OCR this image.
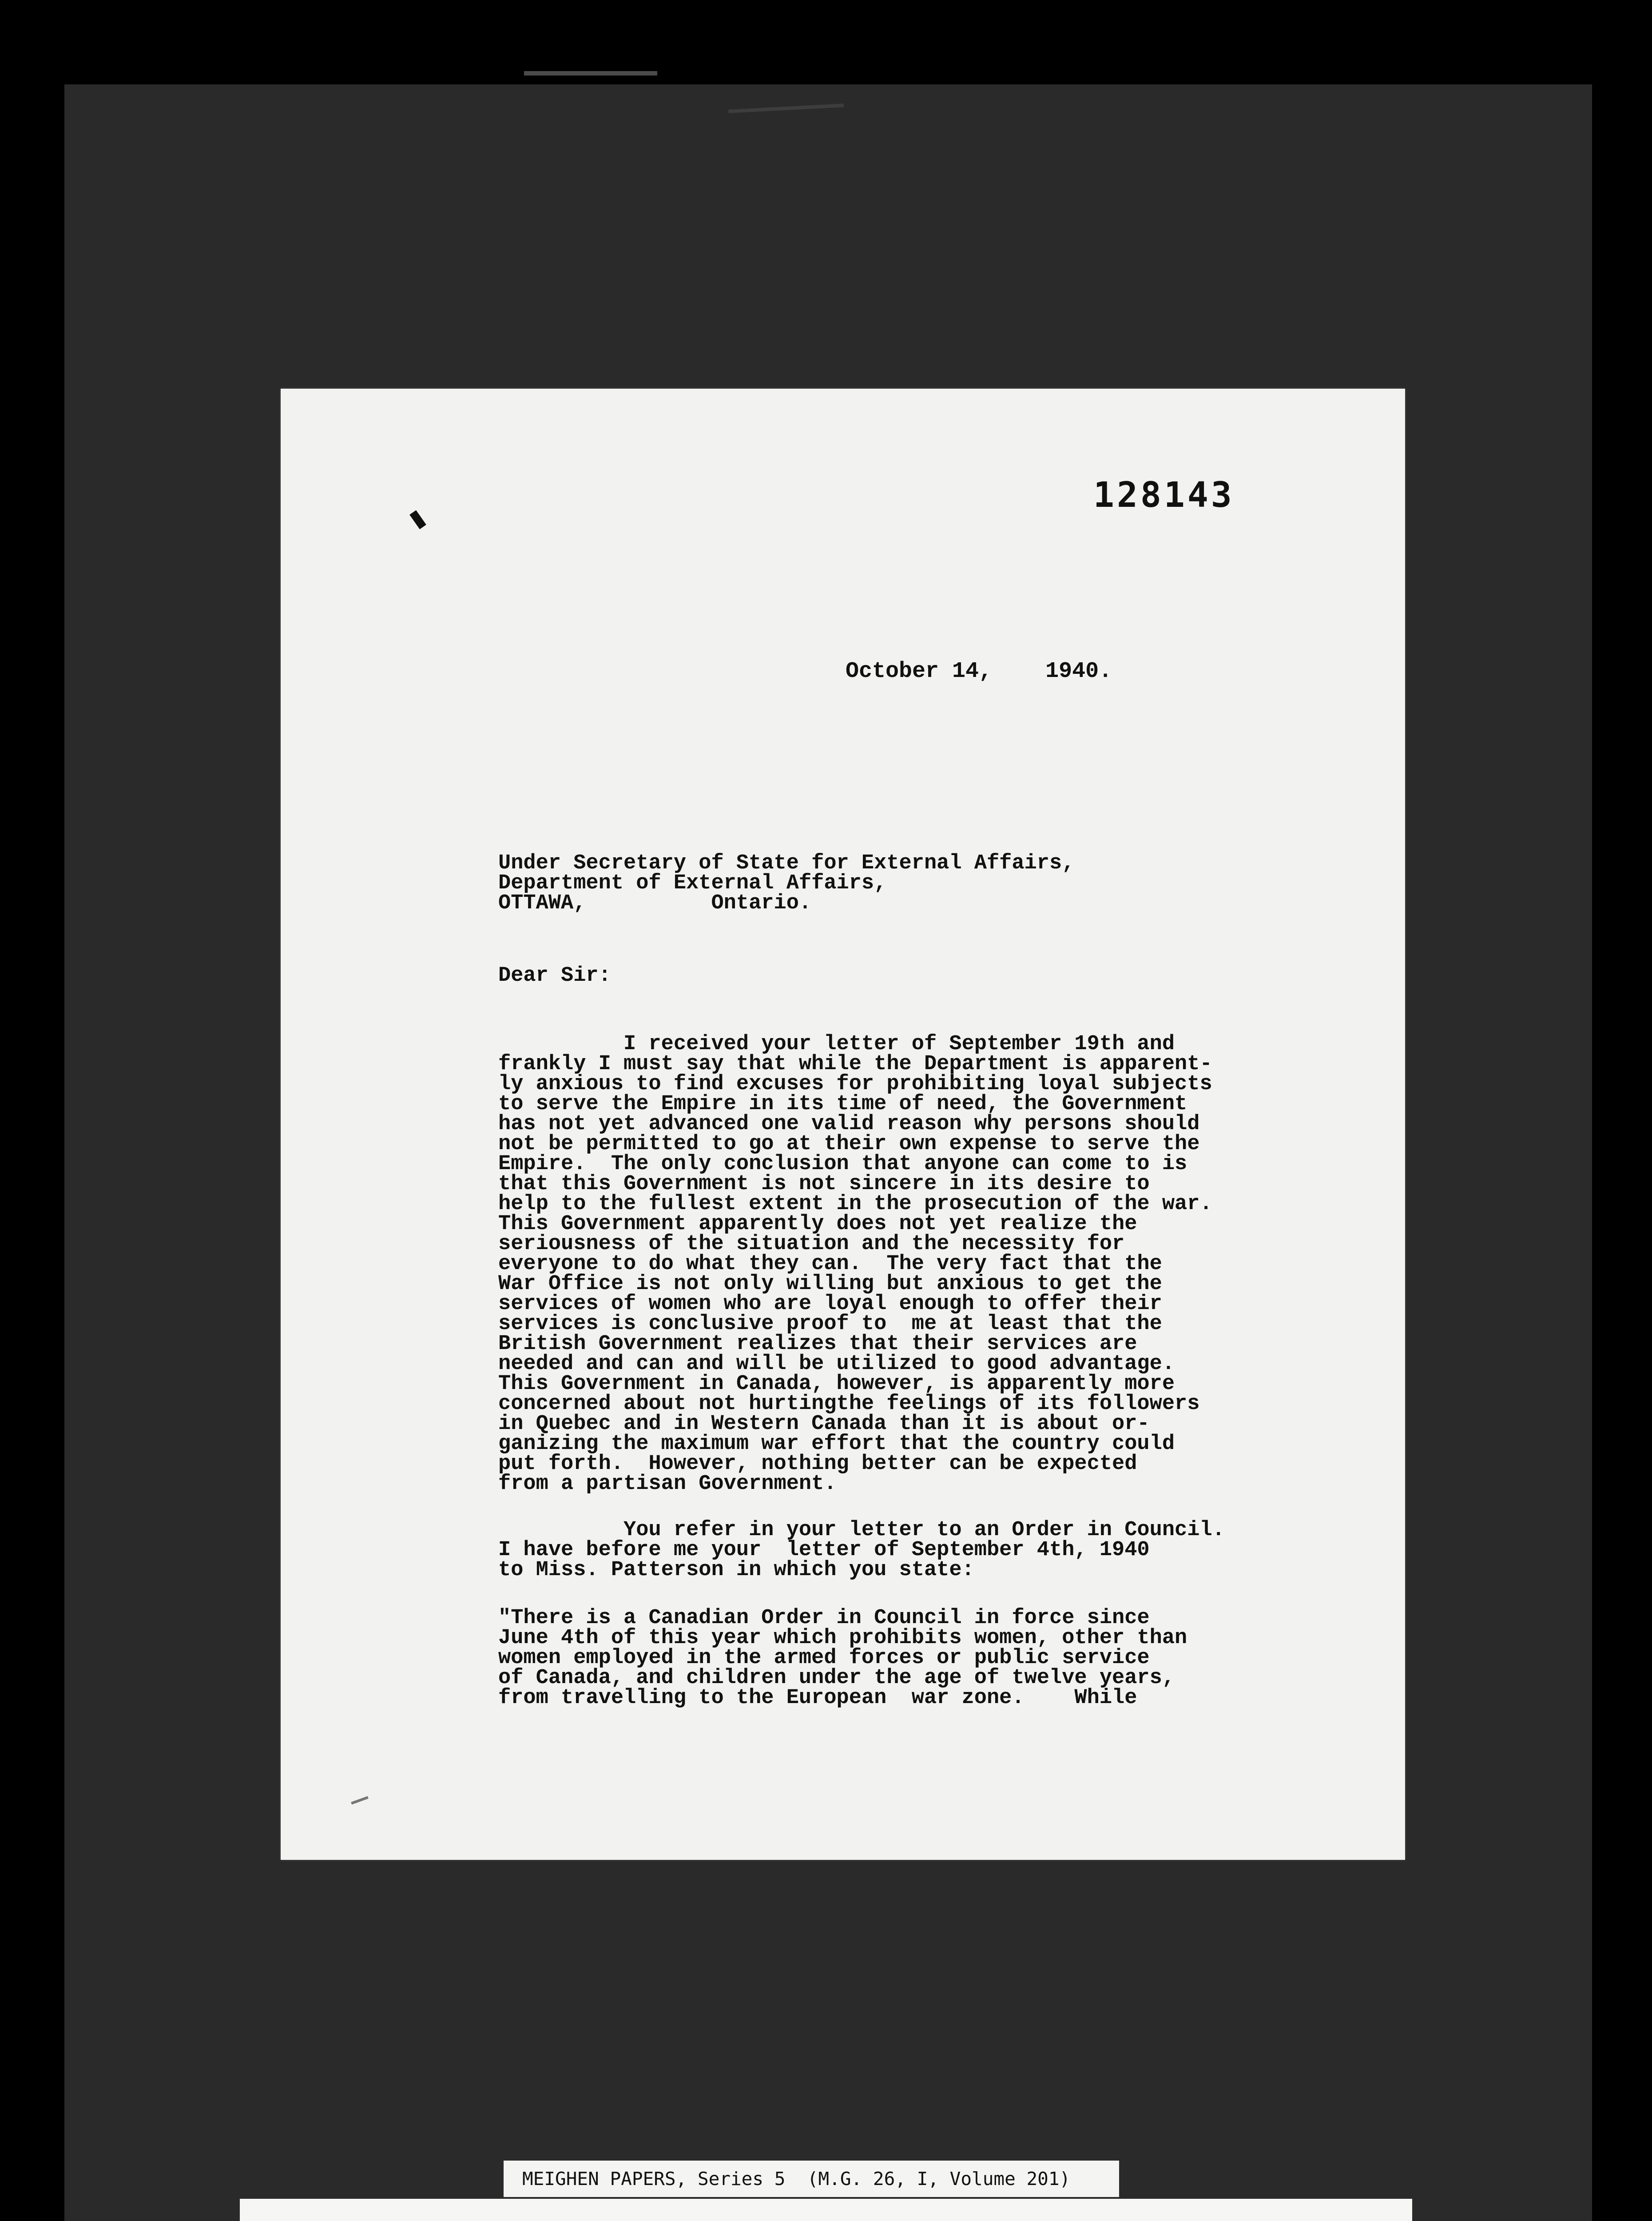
128143
October 14,    1940.
Under Secretary of State for External Affairs,
Department of External Affairs,
OTTAWA,          Ontario.
Dear Sir:
I received your letter of September 19th and
frankly I must say that while the Department is apparent-
ly anxious to find excuses for prohibiting loyal subjects
to serve the Empire in its time of need, the Government
has not yet advanced one valid reason why persons should
not be permitted to go at their own expense to serve the
Empire.  The only conclusion that anyone can come to is
that this Government is not sincere in its desire to
help to the fullest extent in the prosecution of the war.
This Government apparently does not yet realize the
seriousness of the situation and the necessity for
everyone to do what they can.  The very fact that the
War Office is not only willing but anxious to get the
services of women who are loyal enough to offer their
services is conclusive proof to  me at least that the
British Government realizes that their services are
needed and can and will be utilized to good advantage.
This Government in Canada, however, is apparently more
concerned about not hurtingthe feelings of its followers
in Quebec and in Western Canada than it is about or-
ganizing the maximum war effort that the country could
put forth.  However, nothing better can be expected
from a partisan Government.
You refer in your letter to an Order in Council.
I have before me your  letter of September 4th, 1940
to Miss. Patterson in which you state:
"There is a Canadian Order in Council in force since
June 4th of this year which prohibits women, other than
women employed in the armed forces or public service
of Canada, and children under the age of twelve years,
from travelling to the European  war zone.    While
MEIGHEN PAPERS, Series 5  (M.G. 26, I, Volume 201)
